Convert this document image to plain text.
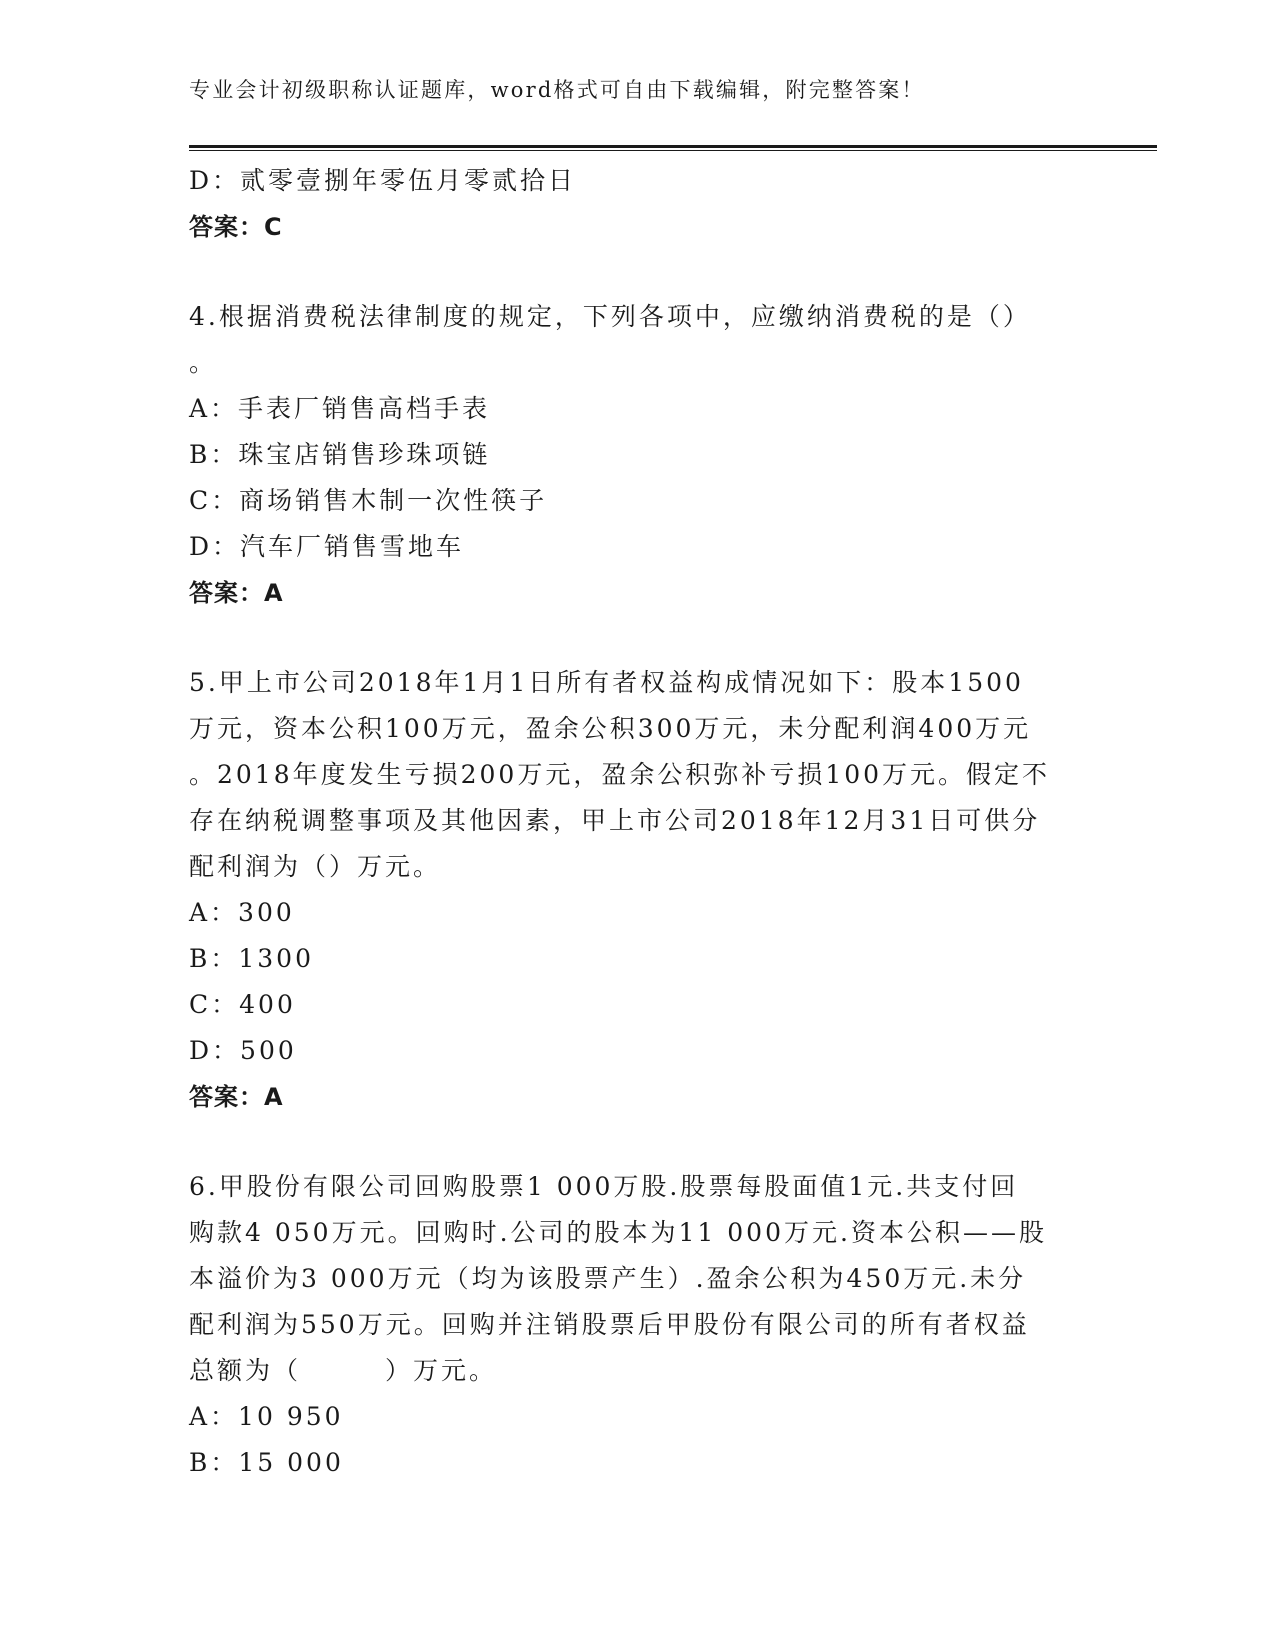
专业会计初级职称认证题库，word格式可自由下载编辑，附完整答案！
D：贰零壹捌年零伍月零贰拾日
答案：C
4.根据消费税法律制度的规定，下列各项中，应缴纳消费税的是（）
。
A：手表厂销售高档手表
B：珠宝店销售珍珠项链
C：商场销售木制一次性筷子
D：汽车厂销售雪地车
答案：A
5.甲上市公司2018年1月1日所有者权益构成情况如下：股本1500
万元，资本公积100万元，盈余公积300万元，未分配利润400万元
。2018年度发生亏损200万元，盈余公积弥补亏损100万元。假定不
存在纳税调整事项及其他因素，甲上市公司2018年12月31日可供分
配利润为（）万元。
A：300
B：1300
C：400
D：500
答案：A
6.甲股份有限公司回购股票1 000万股.股票每股面值1元.共支付回
购款4 050万元。回购时.公司的股本为11 000万元.资本公积——股
本溢价为3 000万元（均为该股票产生）.盈余公积为450万元.未分
配利润为550万元。回购并注销股票后甲股份有限公司的所有者权益
总额为（　　　）万元。
A：10 950
B：15 000
